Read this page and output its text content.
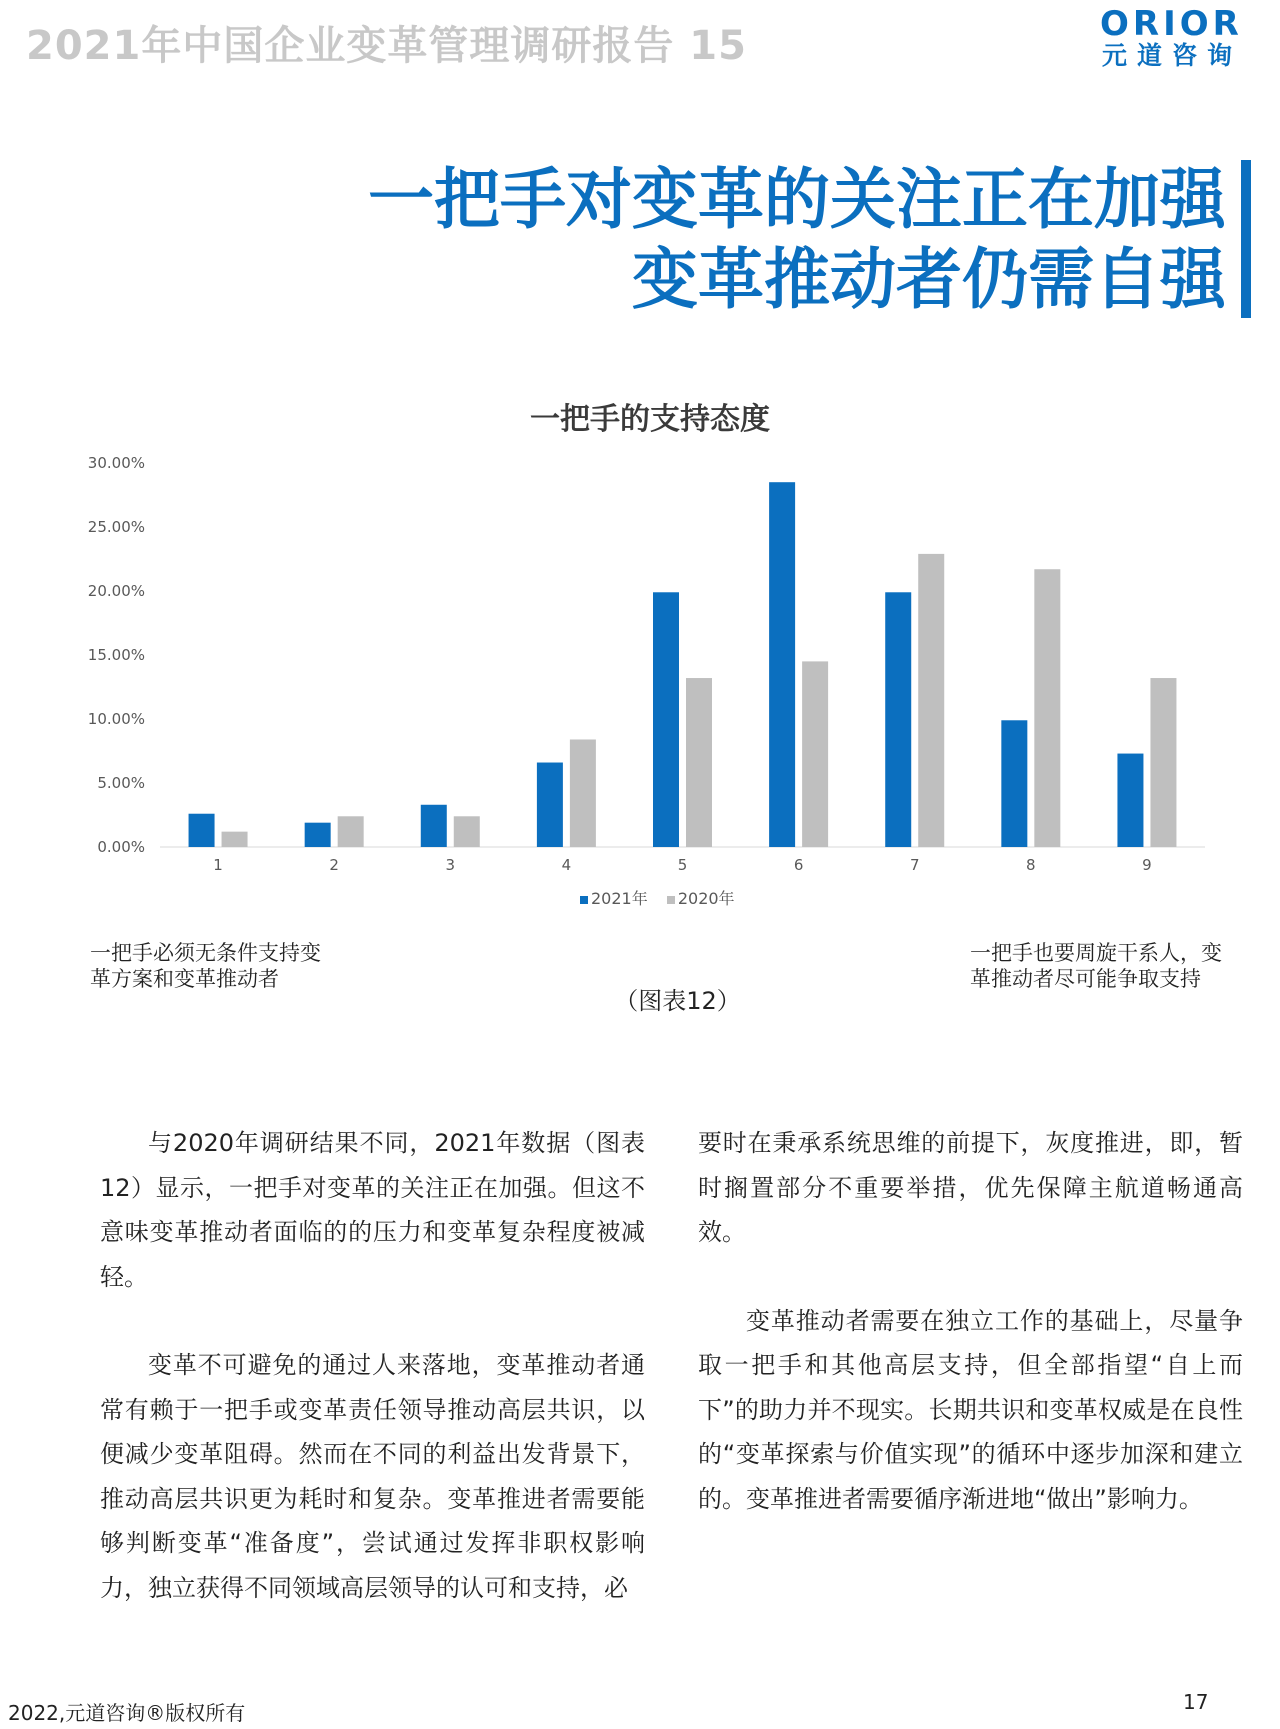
2021年中国企业变革管理调研报告 15	ORIOR
元道咨询
一把手对变革的关注正在加强
变革推动者仍需自强
一把手的支持态度
0.00%
5.00%
10.00%
15.00%
20.00%
25.00%
30.00%
1	2	3	4	5	6	7	8	9
2021年 2020年
一把手必须无条件支持变革方案和变革推动者
一把手也要周旋干系人，变革推动者尽可能争取支持
（图表12）

与2020年调研结果不同，2021年数据（图表12）显示，一把手对变革的关注正在加强。但这不意味变革推动者面临的的压力和变革复杂程度被减轻。

变革不可避免的通过人来落地，变革推动者通常有赖于一把手或变革责任领导推动高层共识，以便减少变革阻碍。然而在不同的利益出发背景下，推动高层共识更为耗时和复杂。变革推进者需要能够判断变革“准备度”，尝试通过发挥非职权影响力，独立获得不同领域高层领导的认可和支持，必

要时在秉承系统思维的前提下，灰度推进，即，暂时搁置部分不重要举措，优先保障主航道畅通高效。

变革推动者需要在独立工作的基础上，尽量争取一把手和其他高层支持，但全部指望“自上而下”的助力并不现实。长期共识和变革权威是在良性的“变革探索与价值实现”的循环中逐步加深和建立的。变革推进者需要循序渐进地“做出”影响力。

2022,元道咨询®版权所有	17
